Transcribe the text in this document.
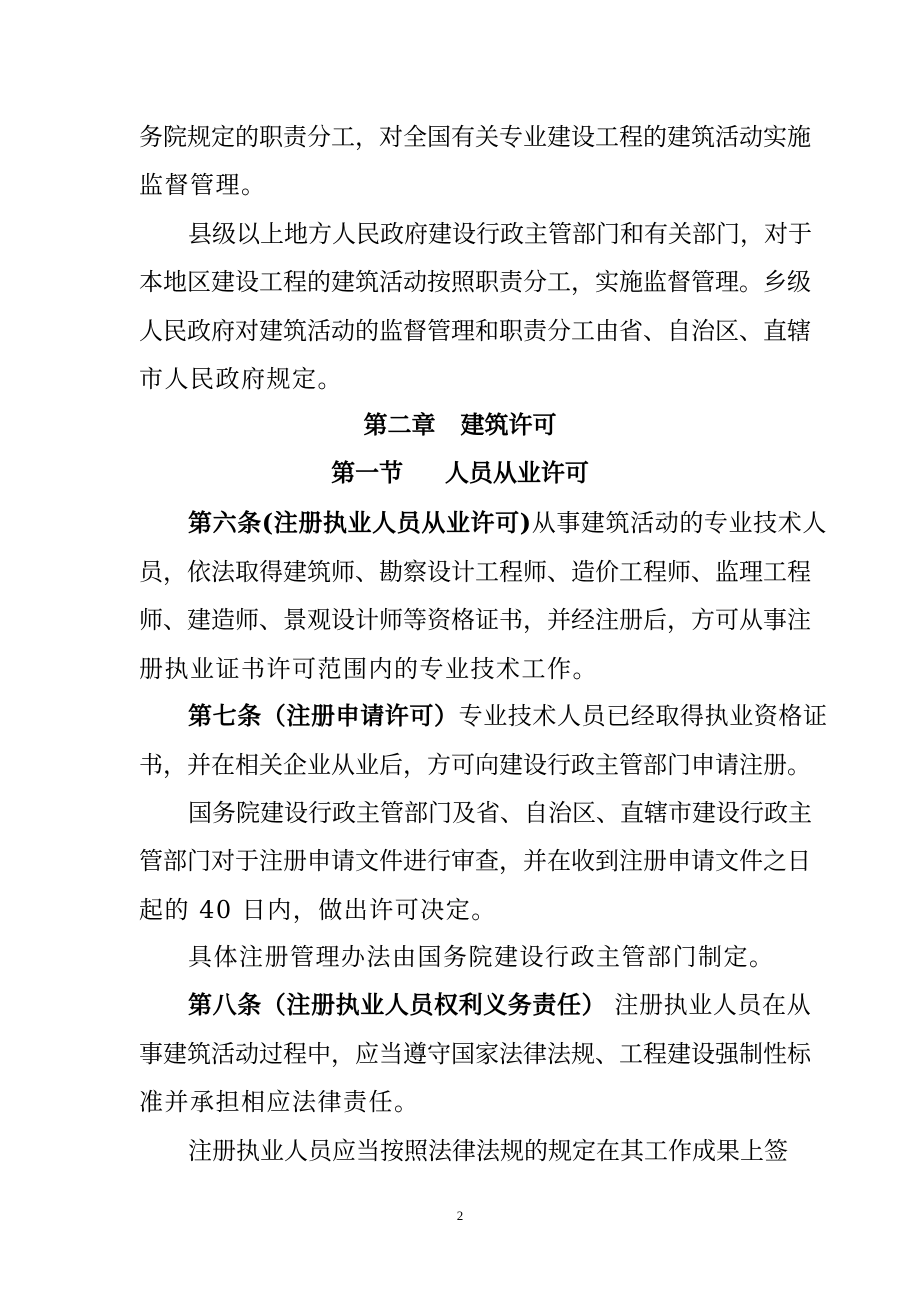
务院规定的职责分工，对全国有关专业建设工程的建筑活动实施
监督管理。
县级以上地方人民政府建设行政主管部门和有关部门，对于
本地区建设工程的建筑活动按照职责分工，实施监督管理。乡级
人民政府对建筑活动的监督管理和职责分工由省、自治区、直辖
市人民政府规定。
第二章 建筑许可
第一节 人员从业许可
第六条(注册执业人员从业许可)从事建筑活动的专业技术人
员，依法取得建筑师、勘察设计工程师、造价工程师、监理工程
师、建造师、景观设计师等资格证书，并经注册后，方可从事注
册执业证书许可范围内的专业技术工作。
第七条（注册申请许可）专业技术人员已经取得执业资格证
书，并在相关企业从业后，方可向建设行政主管部门申请注册。
国务院建设行政主管部门及省、自治区、直辖市建设行政主
管部门对于注册申请文件进行审查，并在收到注册申请文件之日
起的 40 日内，做出许可决定。
具体注册管理办法由国务院建设行政主管部门制定。
第八条（注册执业人员权利义务责任） 注册执业人员在从
事建筑活动过程中，应当遵守国家法律法规、工程建设强制性标
准并承担相应法律责任。
注册执业人员应当按照法律法规的规定在其工作成果上签
2
